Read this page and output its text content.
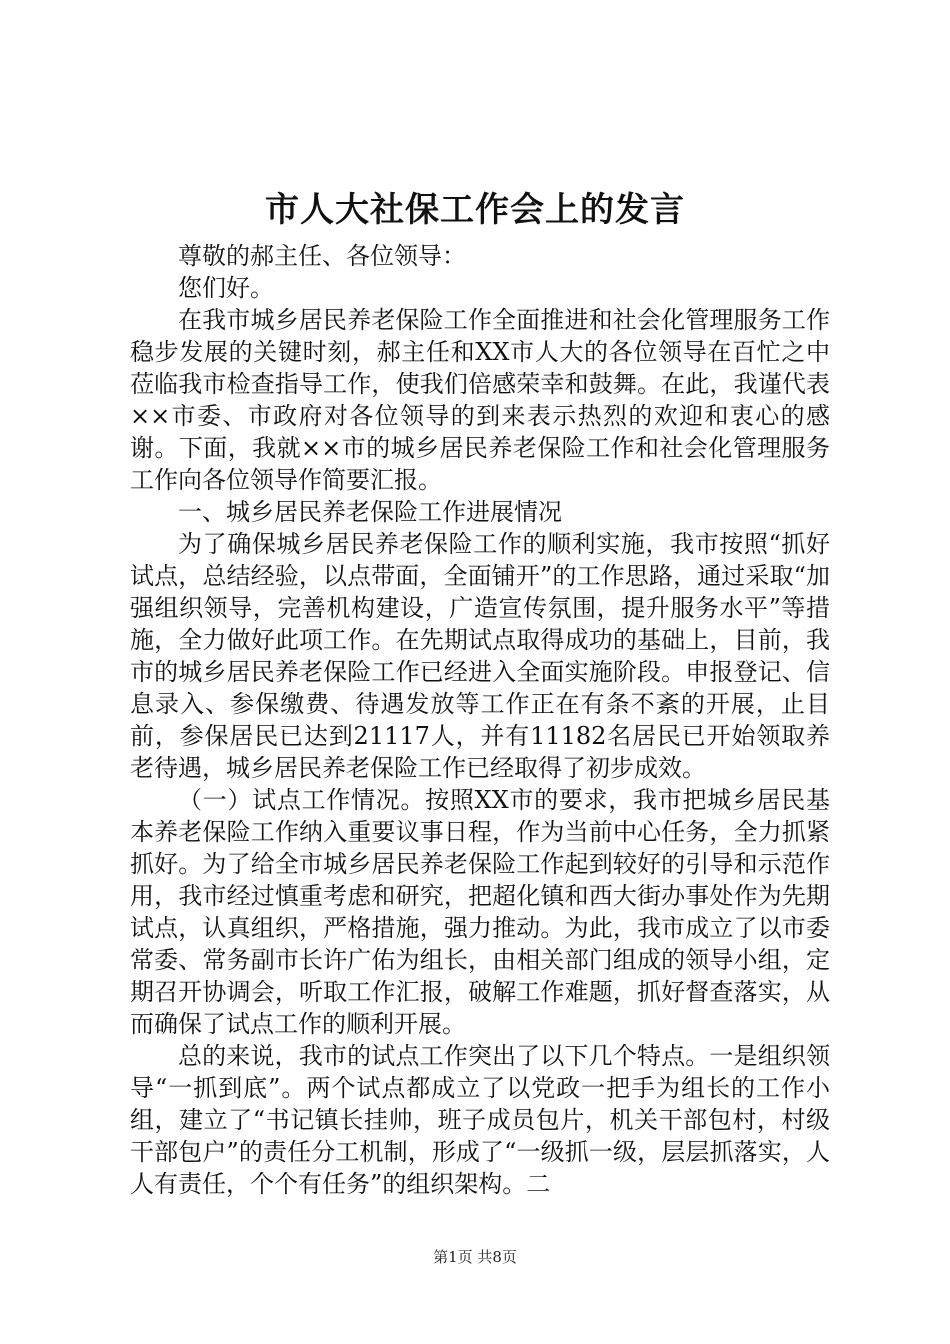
市人大社保工作会上的发言

尊敬的郝主任、各位领导：

您们好。

在我市城乡居民养老保险工作全面推进和社会化管理服务工作稳步发展的关键时刻，郝主任和XX市人大的各位领导在百忙之中莅临我市检查指导工作，使我们倍感荣幸和鼓舞。在此，我谨代表××市委、市政府对各位领导的到来表示热烈的欢迎和衷心的感谢。下面，我就××市的城乡居民养老保险工作和社会化管理服务工作向各位领导作简要汇报。

一、城乡居民养老保险工作进展情况

为了确保城乡居民养老保险工作的顺利实施，我市按照“抓好试点，总结经验，以点带面，全面铺开”的工作思路，通过采取“加强组织领导，完善机构建设，广造宣传氛围，提升服务水平”等措施，全力做好此项工作。在先期试点取得成功的基础上，目前，我市的城乡居民养老保险工作已经进入全面实施阶段。申报登记、信息录入、参保缴费、待遇发放等工作正在有条不紊的开展，止目前，参保居民已达到21117人，并有11182名居民已开始领取养老待遇，城乡居民养老保险工作已经取得了初步成效。

（一）试点工作情况。按照XX市的要求，我市把城乡居民基本养老保险工作纳入重要议事日程，作为当前中心任务，全力抓紧抓好。为了给全市城乡居民养老保险工作起到较好的引导和示范作用，我市经过慎重考虑和研究，把超化镇和西大街办事处作为先期试点，认真组织，严格措施，强力推动。为此，我市成立了以市委常委、常务副市长许广佑为组长，由相关部门组成的领导小组，定期召开协调会，听取工作汇报，破解工作难题，抓好督查落实，从而确保了试点工作的顺利开展。

总的来说，我市的试点工作突出了以下几个特点。一是组织领导“一抓到底”。两个试点都成立了以党政一把手为组长的工作小组，建立了“书记镇长挂帅，班子成员包片，机关干部包村，村级干部包户”的责任分工机制，形成了“一级抓一级，层层抓落实，人人有责任，个个有任务”的组织架构。二

第1页 共8页
